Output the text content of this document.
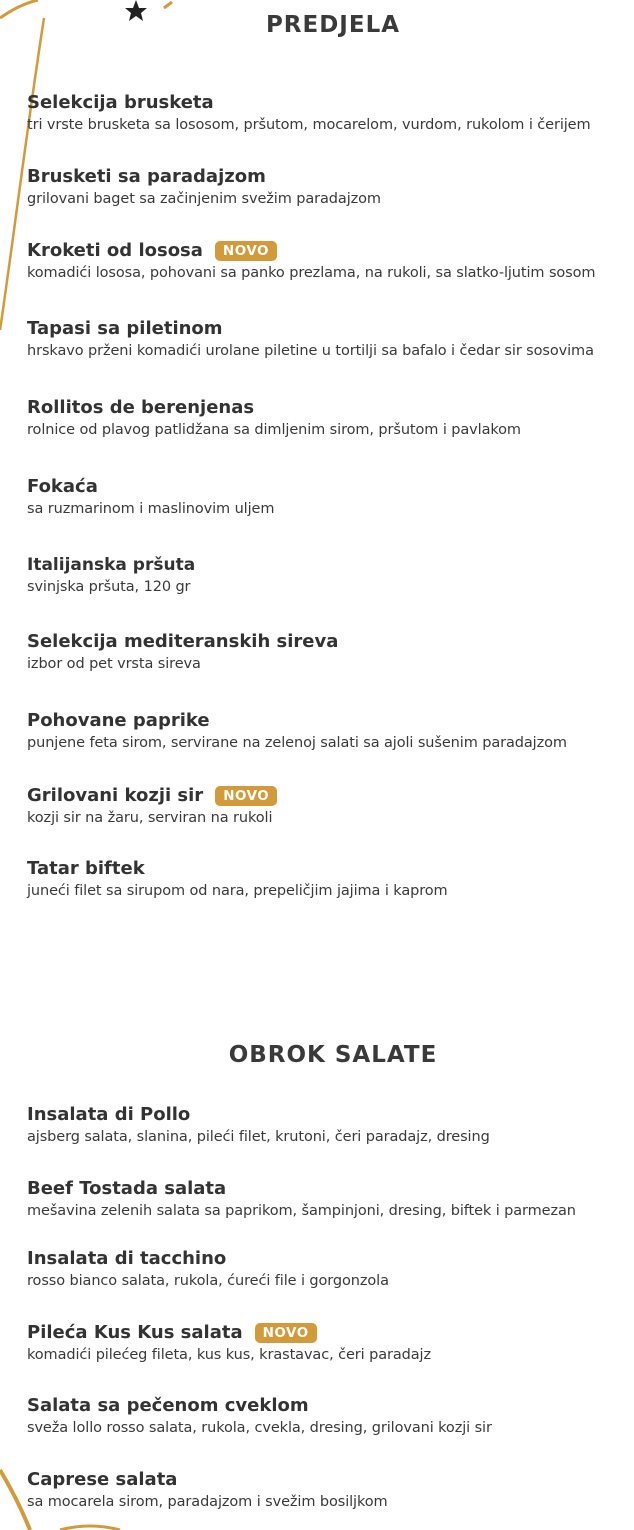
PREDJELA
Selekcija brusketa
tri vrste brusketa sa lososom, pršutom, mocarelom, vurdom, rukolom i čerijem
Brusketi sa paradajzom
grilovani baget sa začinjenim svežim paradajzom
Kroketi od lososa	NOVO
komadići lososa, pohovani sa panko prezlama, na rukoli, sa slatko-ljutim sosom
Tapasi sa piletinom
hrskavo prženi komadići urolane piletine u tortilji sa bafalo i čedar sir sosovima
Rollitos de berenjenas
rolnice od plavog patlidžana sa dimljenim sirom, pršutom i pavlakom
Fokaća
sa ruzmarinom i maslinovim uljem
Italijanska pršuta
svinjska pršuta, 120 gr
Selekcija mediteranskih sireva
izbor od pet vrsta sireva
Pohovane paprike
punjene feta sirom, servirane na zelenoj salati sa ajoli sušenim paradajzom
Grilovani kozji sir	NOVO
kozji sir na žaru, serviran na rukoli
Tatar biftek
juneći filet sa sirupom od nara, prepeličjim jajima i kaprom
OBROK SALATE
Insalata di Pollo
ajsberg salata, slanina, pileći filet, krutoni, čeri paradajz, dresing
Beef Tostada salata
mešavina zelenih salata sa paprikom, šampinjoni, dresing, biftek i parmezan
Insalata di tacchino
rosso bianco salata, rukola, ćureći file i gorgonzola
Pileća Kus Kus salata	NOVO
komadići pilećeg fileta, kus kus, krastavac, čeri paradajz
Salata sa pečenom cveklom
sveža lollo rosso salata, rukola, cvekla, dresing, grilovani kozji sir
Caprese salata
sa mocarela sirom, paradajzom i svežim bosiljkom
